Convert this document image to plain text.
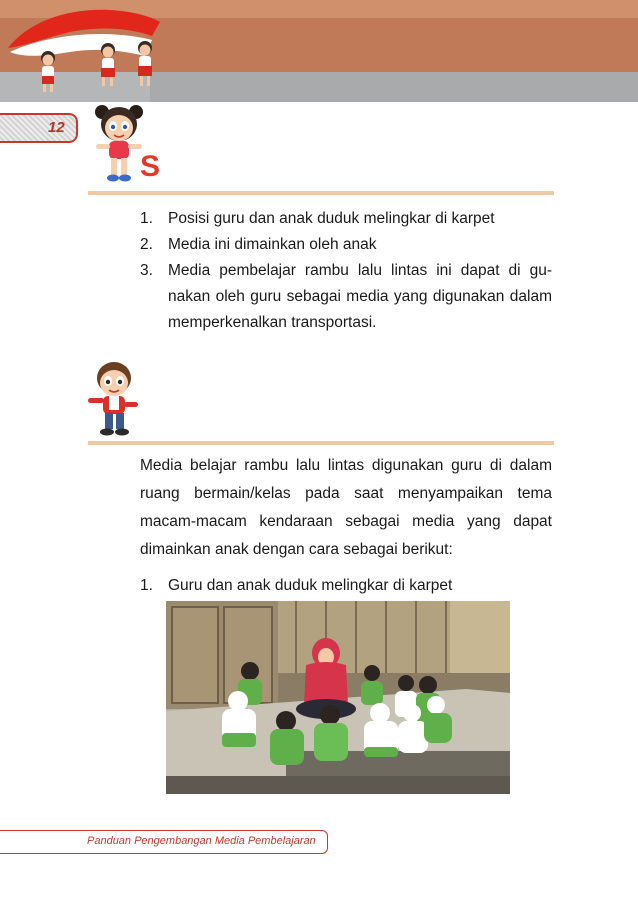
12
S
1. Posisi guru dan anak duduk melingkar di karpet
2. Media ini dimainkan oleh anak
3. Media pembelajar rambu lalu lintas ini dapat di gu-nakan oleh guru sebagai media yang digunakan dalam memperkenalkan transportasi.

Media belajar rambu lalu lintas digunakan guru di dalam ruang bermain/kelas pada saat menyampaikan tema macam-macam kendaraan sebagai media yang dapat dimainkan anak dengan cara sebagai berikut:

1. Guru dan anak duduk melingkar di karpet
Panduan Pengembangan Media Pembelajaran
